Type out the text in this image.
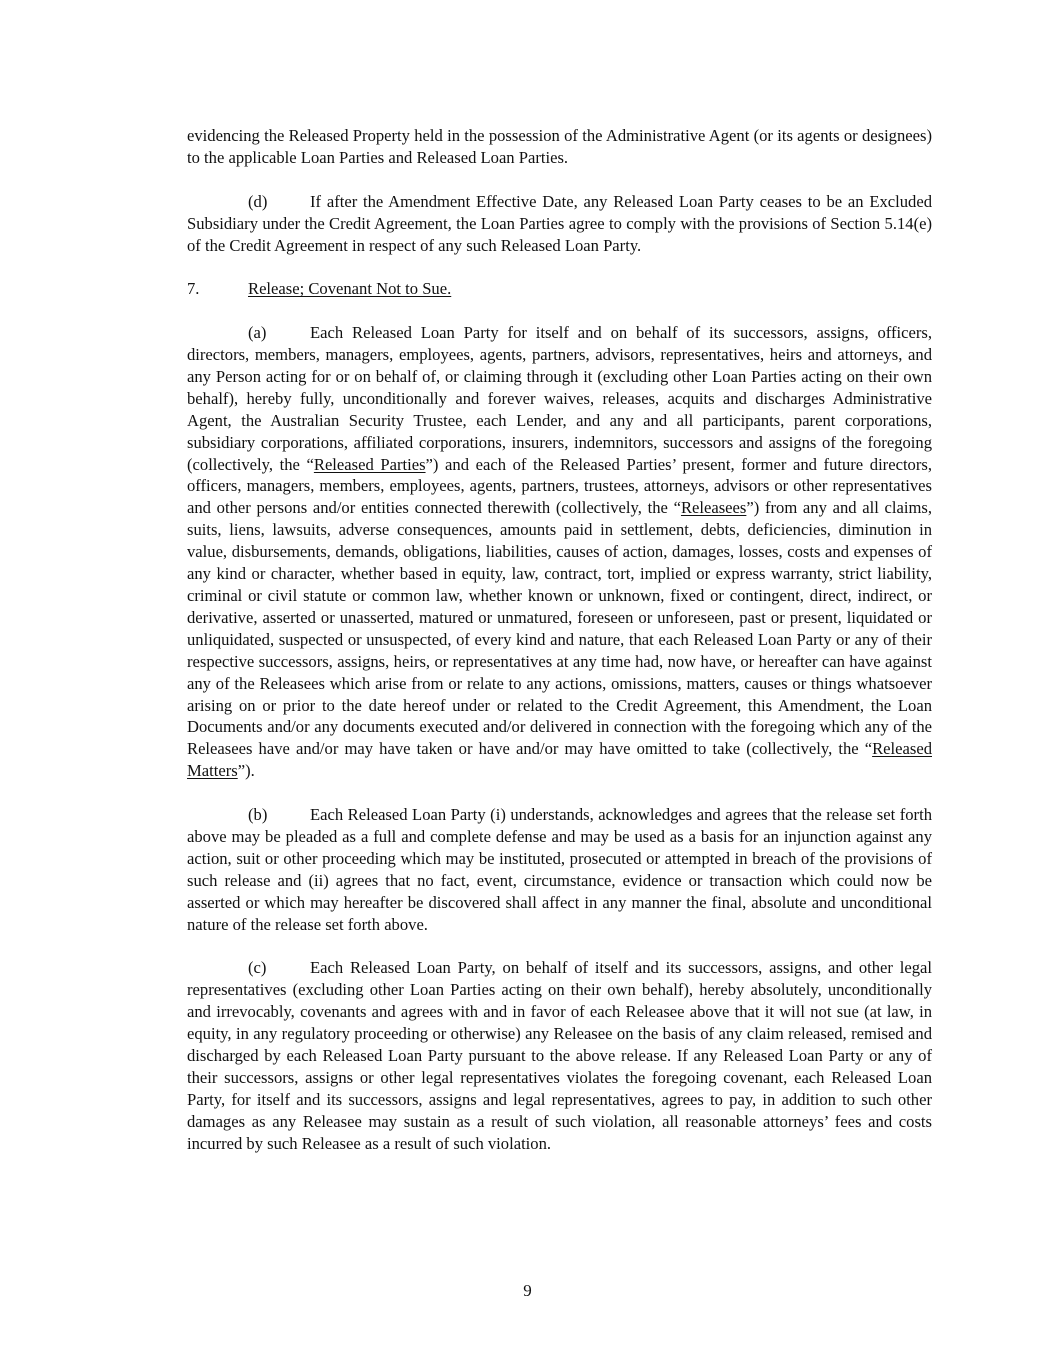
evidencing the Released Property held in the possession of the Administrative Agent (or its agents or designees) to the applicable Loan Parties and Released Loan Parties.

(d)	If after the Amendment Effective Date, any Released Loan Party ceases to be an Excluded Subsidiary under the Credit Agreement, the Loan Parties agree to comply with the provisions of Section 5.14(e) of the Credit Agreement in respect of any such Released Loan Party.

7.	Release; Covenant Not to Sue.

(a)	Each Released Loan Party for itself and on behalf of its successors, assigns, officers, directors, members, managers, employees, agents, partners, advisors, representatives, heirs and attorneys, and any Person acting for or on behalf of, or claiming through it (excluding other Loan Parties acting on their own behalf), hereby fully, unconditionally and forever waives, releases, acquits and discharges Administrative Agent, the Australian Security Trustee, each Lender, and any and all participants, parent corporations, subsidiary corporations, affiliated corporations, insurers, indemnitors, successors and assigns of the foregoing (collectively, the “Released Parties”) and each of the Released Parties’ present, former and future directors, officers, managers, members, employees, agents, partners, trustees, attorneys, advisors or other representatives and other persons and/or entities connected therewith (collectively, the “Releasees”) from any and all claims, suits, liens, lawsuits, adverse consequences, amounts paid in settlement, debts, deficiencies, diminution in value, disbursements, demands, obligations, liabilities, causes of action, damages, losses, costs and expenses of any kind or character, whether based in equity, law, contract, tort, implied or express warranty, strict liability, criminal or civil statute or common law, whether known or unknown, fixed or contingent, direct, indirect, or derivative, asserted or unasserted, matured or unmatured, foreseen or unforeseen, past or present, liquidated or unliquidated, suspected or unsuspected, of every kind and nature, that each Released Loan Party or any of their respective successors, assigns, heirs, or representatives at any time had, now have, or hereafter can have against any of the Releasees which arise from or relate to any actions, omissions, matters, causes or things whatsoever arising on or prior to the date hereof under or related to the Credit Agreement, this Amendment, the Loan Documents and/or any documents executed and/or delivered in connection with the foregoing which any of the Releasees have and/or may have taken or have and/or may have omitted to take (collectively, the “Released Matters”).

(b)	Each Released Loan Party (i) understands, acknowledges and agrees that the release set forth above may be pleaded as a full and complete defense and may be used as a basis for an injunction against any action, suit or other proceeding which may be instituted, prosecuted or attempted in breach of the provisions of such release and (ii) agrees that no fact, event, circumstance, evidence or transaction which could now be asserted or which may hereafter be discovered shall affect in any manner the final, absolute and unconditional nature of the release set forth above.

(c)	Each Released Loan Party, on behalf of itself and its successors, assigns, and other legal representatives (excluding other Loan Parties acting on their own behalf), hereby absolutely, unconditionally and irrevocably, covenants and agrees with and in favor of each Releasee above that it will not sue (at law, in equity, in any regulatory proceeding or otherwise) any Releasee on the basis of any claim released, remised and discharged by each Released Loan Party pursuant to the above release. If any Released Loan Party or any of their successors, assigns or other legal representatives violates the foregoing covenant, each Released Loan Party, for itself and its successors, assigns and legal representatives, agrees to pay, in addition to such other damages as any Releasee may sustain as a result of such violation, all reasonable attorneys’ fees and costs incurred by such Releasee as a result of such violation.

9
